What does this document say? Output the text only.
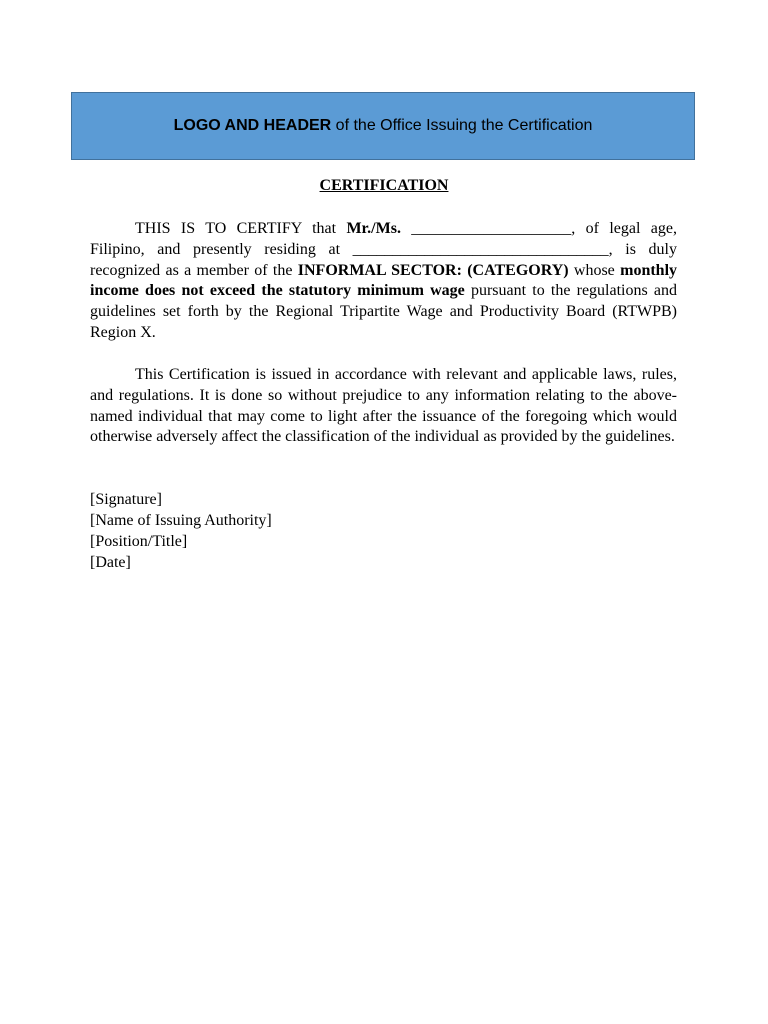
LOGO AND HEADER of the Office Issuing the Certification
CERTIFICATION

THIS IS TO CERTIFY that Mr./Ms. ____________________, of legal age, Filipino, and presently residing at ________________________________, is duly recognized as a member of the INFORMAL SECTOR: (CATEGORY) whose monthly income does not exceed the statutory minimum wage pursuant to the regulations and guidelines set forth by the Regional Tripartite Wage and Productivity Board (RTWPB) Region X.

This Certification is issued in accordance with relevant and applicable laws, rules, and regulations. It is done so without prejudice to any information relating to the above-named individual that may come to light after the issuance of the foregoing which would otherwise adversely affect the classification of the individual as provided by the guidelines.

[Signature]
[Name of Issuing Authority]
[Position/Title]
[Date]
